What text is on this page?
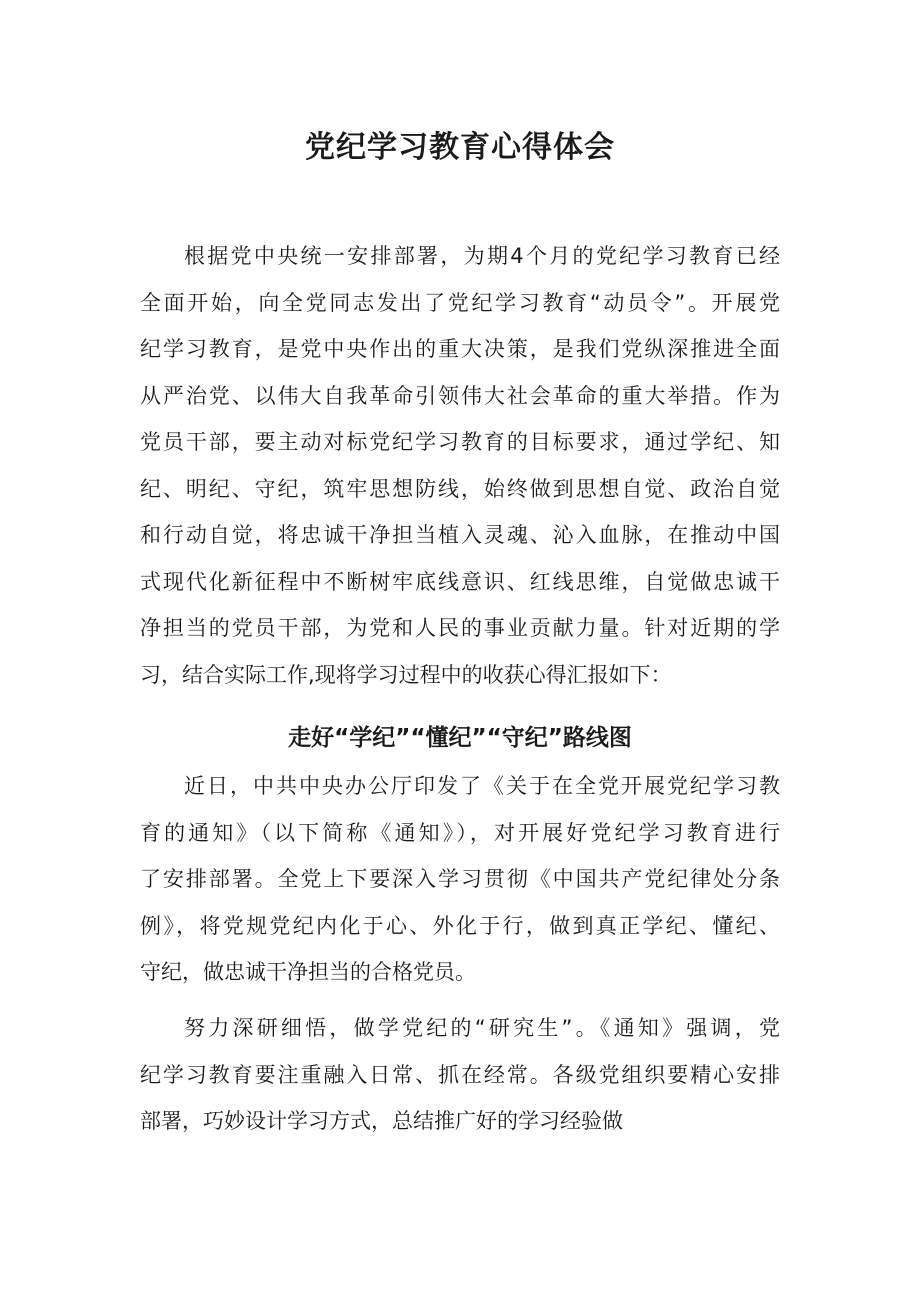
党纪学习教育心得体会
根据党中央统一安排部署，为期4个月的党纪学习教育已经
全面开始，向全党同志发出了党纪学习教育“动员令”。开展党
纪学习教育，是党中央作出的重大决策，是我们党纵深推进全面
从严治党、以伟大自我革命引领伟大社会革命的重大举措。作为
党员干部，要主动对标党纪学习教育的目标要求，通过学纪、知
纪、明纪、守纪，筑牢思想防线，始终做到思想自觉、政治自觉
和行动自觉，将忠诚干净担当植入灵魂、沁入血脉，在推动中国
式现代化新征程中不断树牢底线意识、红线思维，自觉做忠诚干
净担当的党员干部，为党和人民的事业贡献力量。针对近期的学
习，结合实际工作,现将学习过程中的收获心得汇报如下：
走好“学纪”“懂纪”“守纪”路线图
近日，中共中央办公厅印发了《关于在全党开展党纪学习教
育的通知》（以下简称《通知》），对开展好党纪学习教育进行
了安排部署。全党上下要深入学习贯彻《中国共产党纪律处分条
例》，将党规党纪内化于心、外化于行，做到真正学纪、懂纪、
守纪，做忠诚干净担当的合格党员。
努力深研细悟，做学党纪的“研究生”。《通知》强调，党
纪学习教育要注重融入日常、抓在经常。各级党组织要精心安排
部署，巧妙设计学习方式，总结推广好的学习经验做
